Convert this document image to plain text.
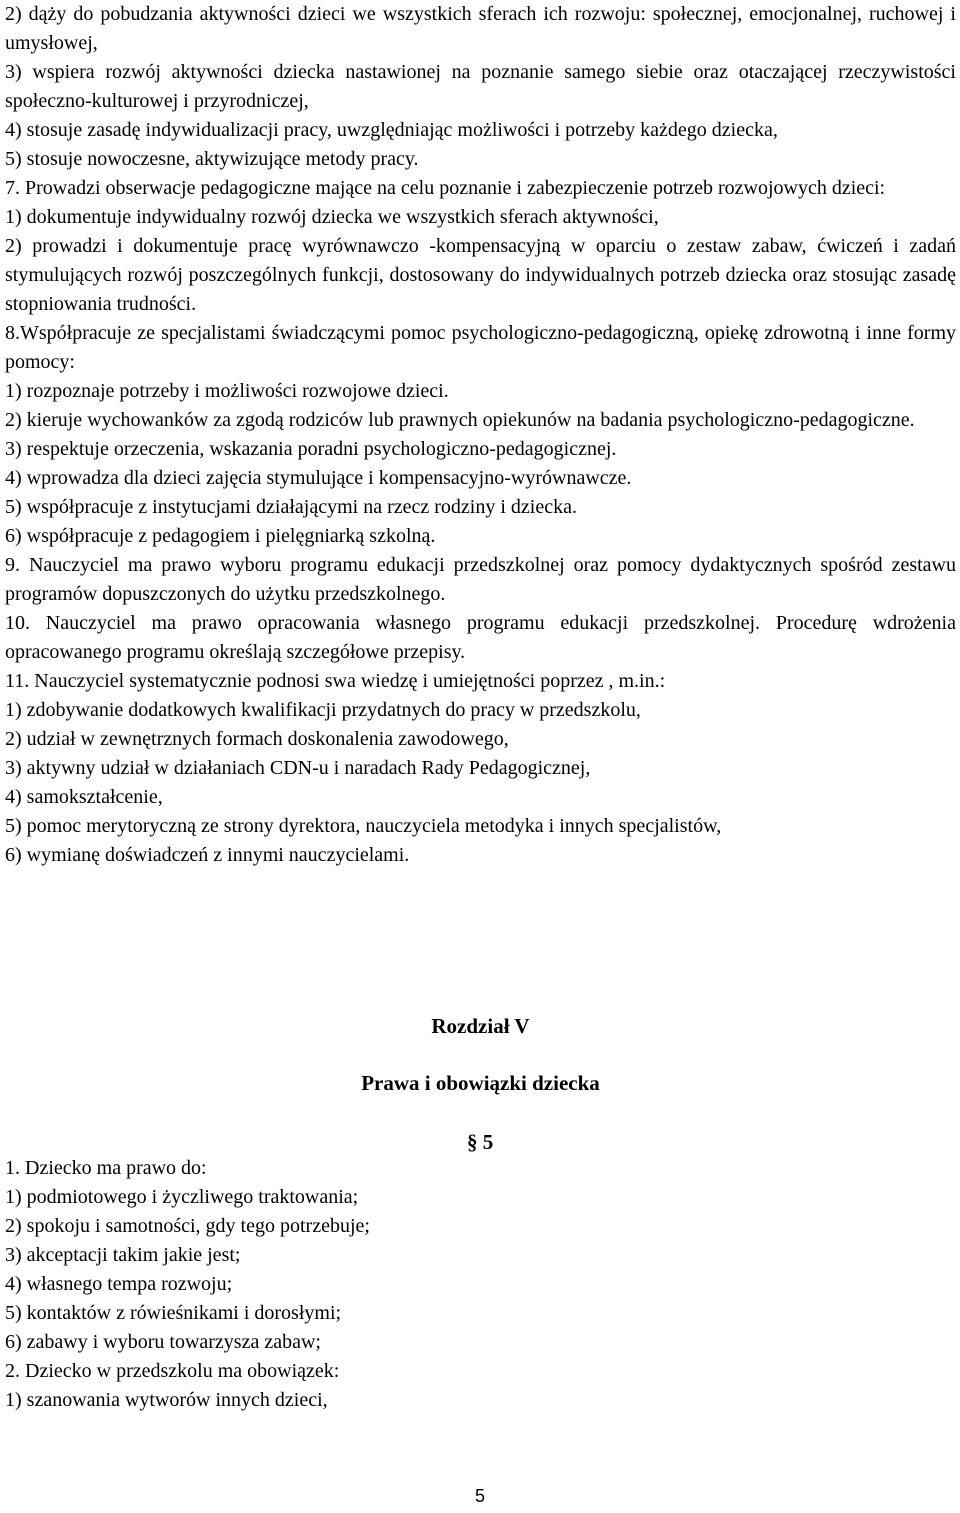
2) dąży do pobudzania aktywności dzieci we wszystkich sferach ich rozwoju: społecznej, emocjonalnej, ruchowej i umysłowej,

3) wspiera rozwój aktywności dziecka nastawionej na poznanie samego siebie oraz otaczającej rzeczywistości społeczno-kulturowej i przyrodniczej,

4) stosuje zasadę indywidualizacji pracy, uwzględniając możliwości i potrzeby każdego dziecka,

5) stosuje nowoczesne, aktywizujące metody pracy.

7. Prowadzi obserwacje pedagogiczne mające na celu poznanie i zabezpieczenie potrzeb rozwojowych dzieci:

1) dokumentuje indywidualny rozwój dziecka we wszystkich sferach aktywności,

2) prowadzi i dokumentuje pracę wyrównawczo -kompensacyjną w oparciu o zestaw zabaw, ćwiczeń i zadań stymulujących rozwój poszczególnych funkcji, dostosowany do indywidualnych potrzeb dziecka oraz stosując zasadę stopniowania trudności.

8.Współpracuje ze specjalistami świadczącymi pomoc psychologiczno-pedagogiczną, opiekę zdrowotną i inne formy pomocy:

1) rozpoznaje potrzeby i możliwości rozwojowe dzieci.

2) kieruje wychowanków za zgodą rodziców lub prawnych opiekunów na badania psychologiczno-pedagogiczne.

3) respektuje orzeczenia, wskazania poradni psychologiczno-pedagogicznej.

4) wprowadza dla dzieci zajęcia stymulujące i kompensacyjno-wyrównawcze.

5) współpracuje z instytucjami działającymi na rzecz rodziny i dziecka.

6) współpracuje z pedagogiem i pielęgniarką szkolną.

9. Nauczyciel ma prawo wyboru programu edukacji przedszkolnej oraz pomocy dydaktycznych spośród zestawu programów dopuszczonych do użytku przedszkolnego.

10. Nauczyciel ma prawo opracowania własnego programu edukacji przedszkolnej. Procedurę wdrożenia opracowanego programu określają szczegółowe przepisy.

11. Nauczyciel systematycznie podnosi swa wiedzę i umiejętności poprzez , m.in.:

1) zdobywanie dodatkowych kwalifikacji przydatnych do pracy w przedszkolu,

2) udział w zewnętrznych formach doskonalenia zawodowego,

3) aktywny udział w działaniach CDN-u i naradach Rady Pedagogicznej,

4) samokształcenie,

5) pomoc merytoryczną ze strony dyrektora, nauczyciela metodyka i innych specjalistów,

6) wymianę doświadczeń z innymi nauczycielami.

Rozdział V

Prawa i obowiązki dziecka

§ 5

1. Dziecko ma prawo do:

1) podmiotowego i życzliwego traktowania;

2) spokoju i samotności, gdy tego potrzebuje;

3) akceptacji takim jakie jest;

4) własnego tempa rozwoju;

5) kontaktów z rówieśnikami i dorosłymi;

6) zabawy i wyboru towarzysza zabaw;

2. Dziecko w przedszkolu ma obowiązek:

1) szanowania wytworów innych dzieci,

5
